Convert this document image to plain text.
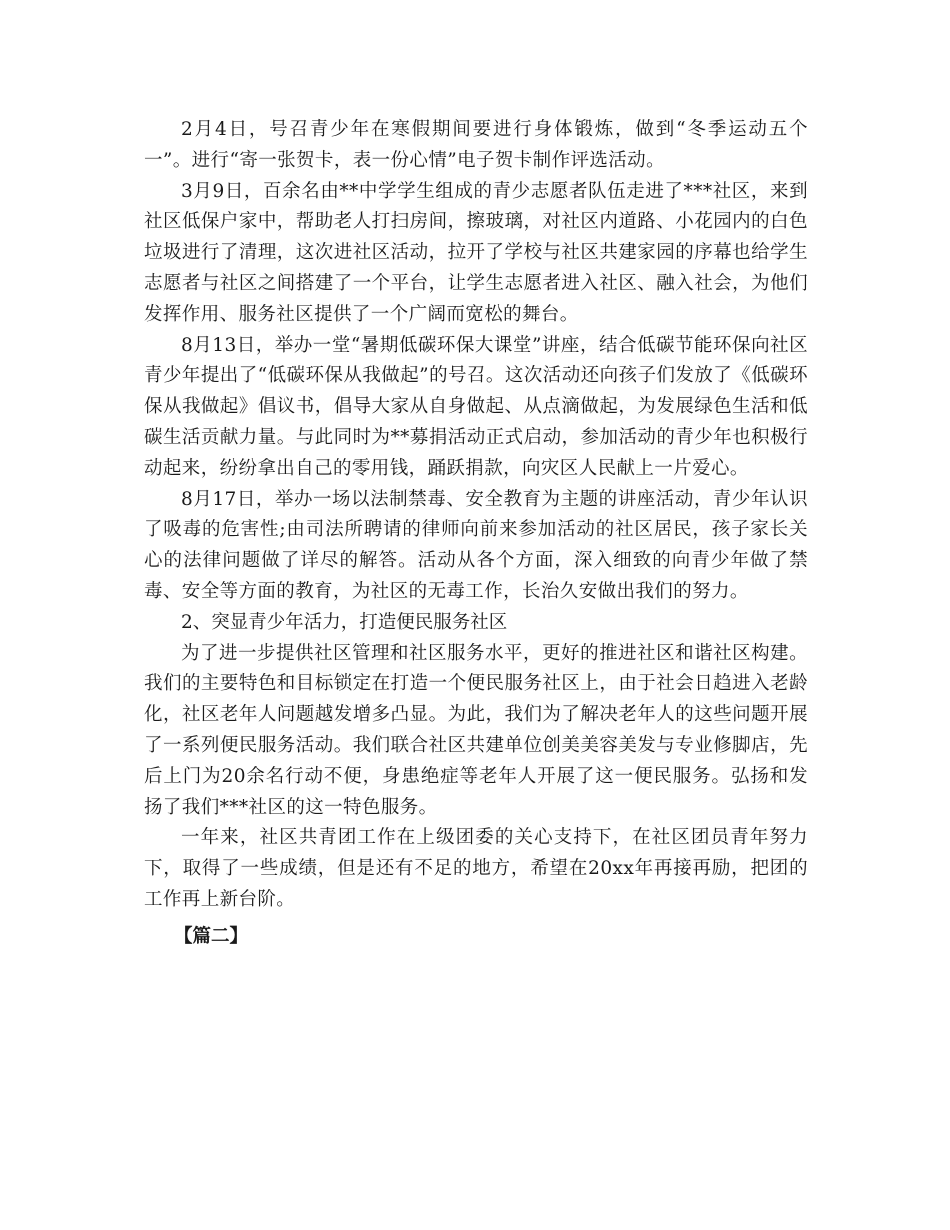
2月4日，号召青少年在寒假期间要进行身体锻炼，做到“冬季运动五个一”。进行“寄一张贺卡，表一份心情”电子贺卡制作评选活动。

3月9日，百余名由**中学学生组成的青少志愿者队伍走进了***社区，来到社区低保户家中，帮助老人打扫房间，擦玻璃，对社区内道路、小花园内的白色垃圾进行了清理，这次进社区活动，拉开了学校与社区共建家园的序幕也给学生志愿者与社区之间搭建了一个平台，让学生志愿者进入社区、融入社会，为他们发挥作用、服务社区提供了一个广阔而宽松的舞台。

8月13日，举办一堂“暑期低碳环保大课堂”讲座，结合低碳节能环保向社区青少年提出了“低碳环保从我做起”的号召。这次活动还向孩子们发放了《低碳环保从我做起》倡议书，倡导大家从自身做起、从点滴做起，为发展绿色生活和低碳生活贡献力量。与此同时为**募捐活动正式启动，参加活动的青少年也积极行动起来，纷纷拿出自己的零用钱，踊跃捐款，向灾区人民献上一片爱心。

8月17日，举办一场以法制禁毒、安全教育为主题的讲座活动，青少年认识了吸毒的危害性;由司法所聘请的律师向前来参加活动的社区居民，孩子家长关心的法律问题做了详尽的解答。活动从各个方面，深入细致的向青少年做了禁毒、安全等方面的教育，为社区的无毒工作，长治久安做出我们的努力。

2、突显青少年活力，打造便民服务社区

为了进一步提供社区管理和社区服务水平，更好的推进社区和谐社区构建。我们的主要特色和目标锁定在打造一个便民服务社区上，由于社会日趋进入老龄化，社区老年人问题越发增多凸显。为此，我们为了解决老年人的这些问题开展了一系列便民服务活动。我们联合社区共建单位创美美容美发与专业修脚店，先后上门为20余名行动不便，身患绝症等老年人开展了这一便民服务。弘扬和发扬了我们***社区的这一特色服务。

一年来，社区共青团工作在上级团委的关心支持下，在社区团员青年努力下，取得了一些成绩，但是还有不足的地方，希望在20xx年再接再励，把团的工作再上新台阶。

【篇二】
